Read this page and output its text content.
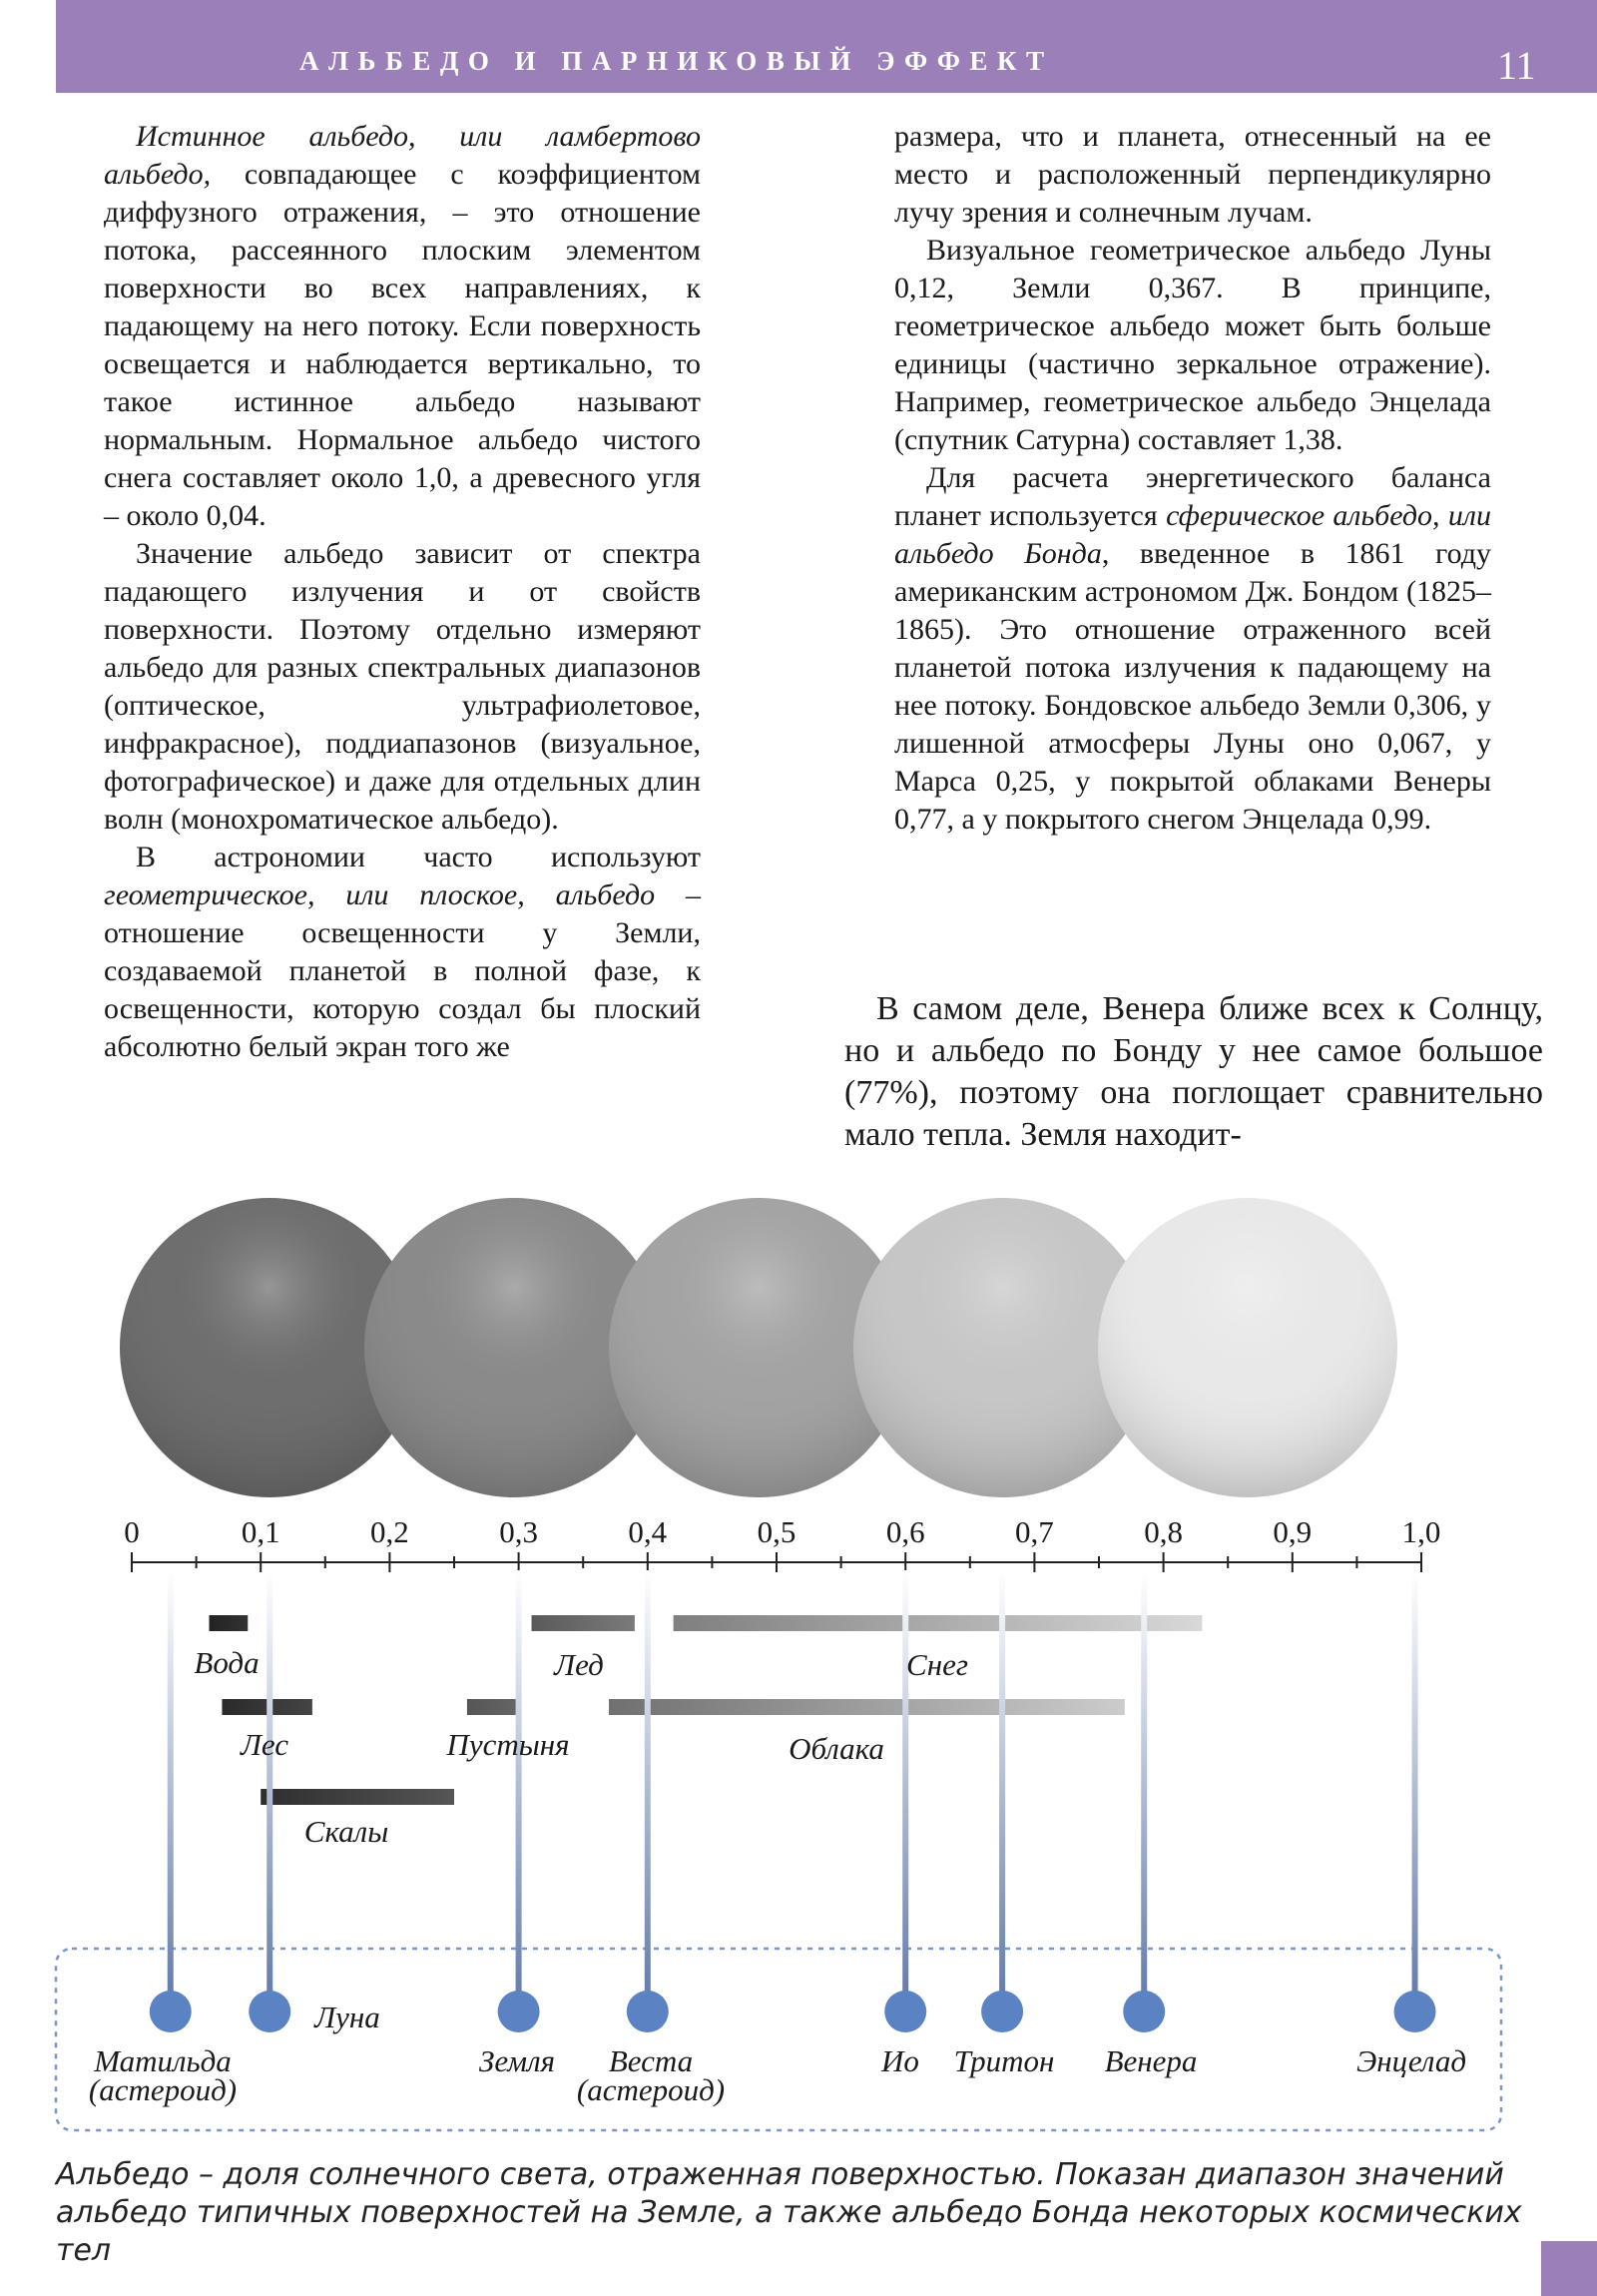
АЛЬБЕДО И ПАРНИКОВЫЙ ЭФФЕКТ	11

Истинное альбедо, или ламбертово альбедо, совпадающее с коэффициентом диффузного отражения, – это отношение потока, рассеянного плоским элементом поверхности во всех направлениях, к падающему на него потоку. Если поверхность освещается и наблюдается вертикально, то такое истинное альбедо называют нормальным. Нормальное альбедо чистого снега составляет около 1,0, а древесного угля – около 0,04.

Значение альбедо зависит от спектра падающего излучения и от свойств поверхности. Поэтому отдельно измеряют альбедо для разных спектральных диапазонов (оптическое, ультрафиолетовое, инфракрасное), поддиапазонов (визуальное, фотографическое) и даже для отдельных длин волн (монохроматическое альбедо).

В астрономии часто используют геометрическое, или плоское, альбедо – отношение освещенности у Земли, создаваемой планетой в полной фазе, к освещенности, которую создал бы плоский абсолютно белый экран того же

размера, что и планета, отнесенный на ее место и расположенный перпендикулярно лучу зрения и солнечным лучам.

Визуальное геометрическое альбедо Луны 0,12, Земли 0,367. В принципе, геометрическое альбедо может быть больше единицы (частично зеркальное отражение). Например, геометрическое альбедо Энцелада (спутник Сатурна) составляет 1,38.

Для расчета энергетического баланса планет используется сферическое альбедо, или альбедо Бонда, введенное в 1861 году американским астрономом Дж. Бондом (1825–1865). Это отношение отраженного всей планетой потока излучения к падающему на нее потоку. Бондовское альбедо Земли 0,306, у лишенной атмосферы Луны оно 0,067, у Марса 0,25, у покрытой облаками Венеры 0,77, а у покрытого снегом Энцелада 0,99.

В самом деле, Венера ближе всех к Солнцу, но и альбедо по Бонду у нее самое большое (77%), поэтому она поглощает сравнительно мало тепла. Земля находит-

0	0,1	0,2	0,3	0,4	0,5	0,6	0,7	0,8	0,9	1,0
Вода
Лес
Скалы
Пустыня
Лед	Снег
Облака
Матильда
(астероид)
Луна
Земля Веста
(астероид)
Ио Тритон Венера	Энцелад
Альбедо – доля солнечного света, отраженная поверхностью. Показан диапазон значений альбедо типичных поверхностей на Земле, а также альбедо Бонда некоторых космических тел
